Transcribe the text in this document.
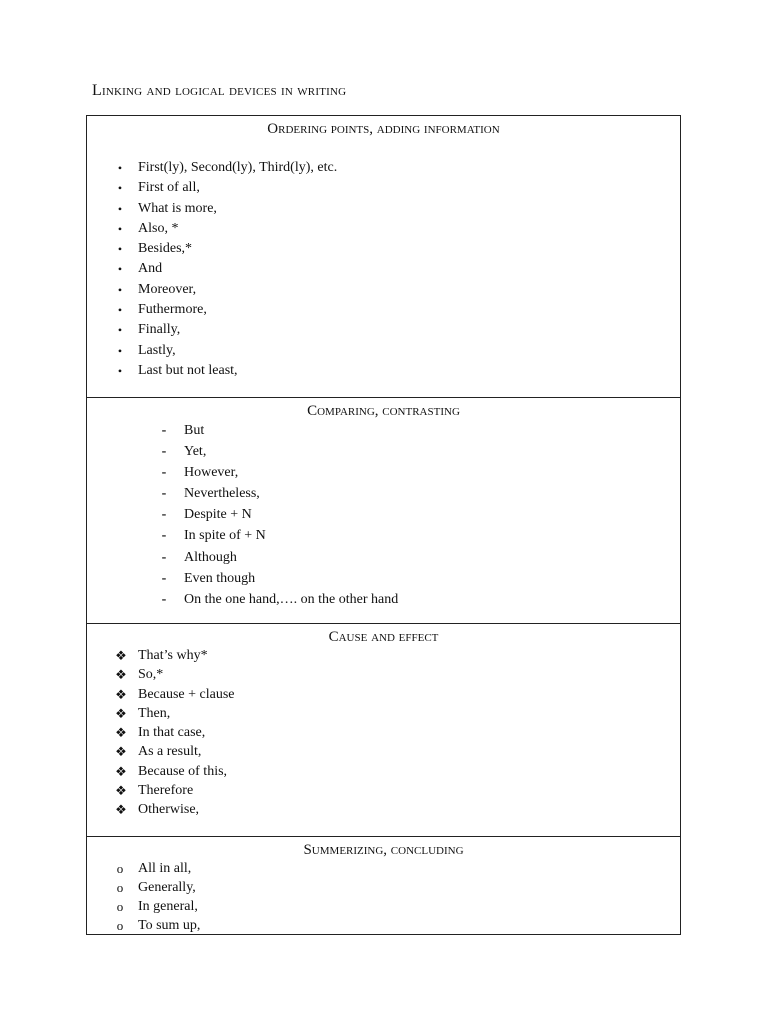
Linking and logical devices in writing
Ordering points, adding information
•	First(ly), Second(ly), Third(ly), etc.
•	First of all,
•	What is more,
•	Also, *
•	Besides,*
•	And
•	Moreover,
•	Futhermore,
•	Finally,
•	Lastly,
•	Last but not least,
Comparing, contrasting
-	But
-	Yet,
-	However,
-	Nevertheless,
-	Despite + N
-	In spite of + N
-	Although
-	Even though
-	On the one hand,…. on the other hand
Cause and effect
❖ That’s why*
❖ So,*
❖ Because + clause
❖ Then,
❖ In that case,
❖ As a result,
❖ Because of this,
❖ Therefore
❖ Otherwise,
Summerizing, concluding
o All in all,
o Generally,
o In general,
o To sum up,
